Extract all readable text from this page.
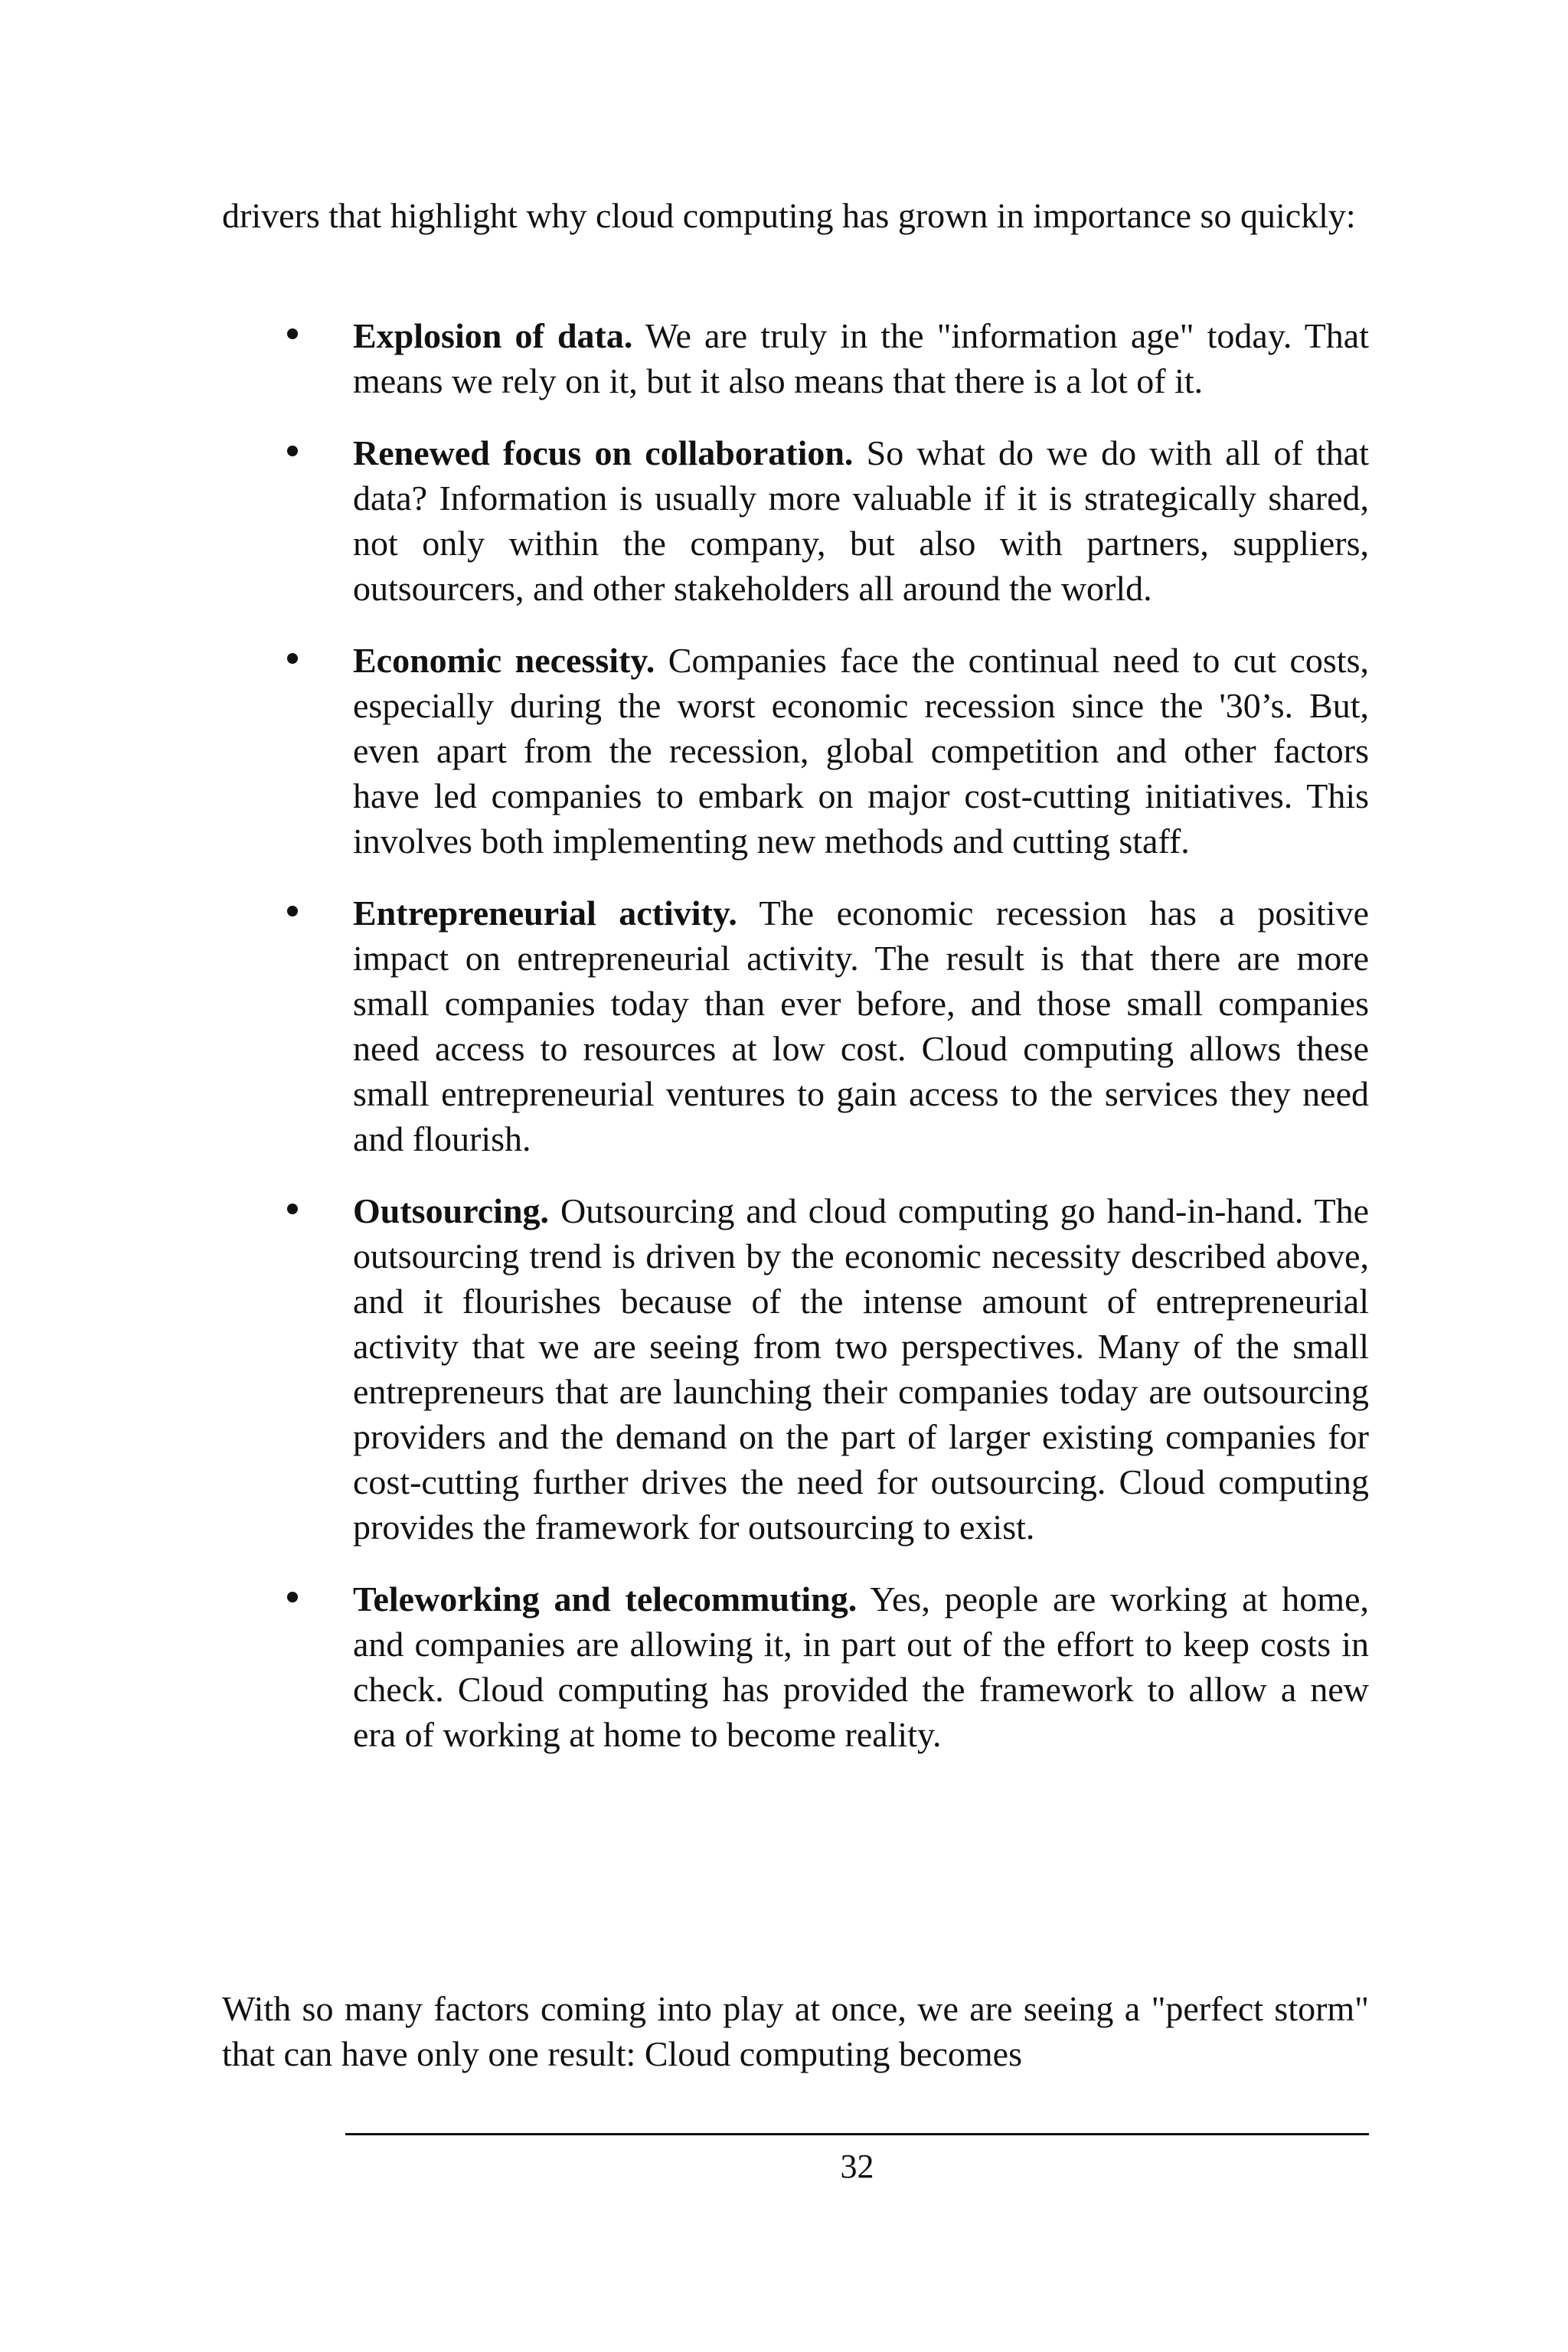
drivers that highlight why cloud computing has grown in importance so quickly:

Explosion of data. We are truly in the "information age" today. That means we rely on it, but it also means that there is a lot of it.
Renewed focus on collaboration. So what do we do with all of that data? Information is usually more valuable if it is strategically shared, not only within the company, but also with partners, suppliers, outsourcers, and other stakeholders all around the world.
Economic necessity. Companies face the continual need to cut costs, especially during the worst economic recession since the '30’s. But, even apart from the recession, global competition and other factors have led companies to embark on major cost-cutting initiatives. This involves both implementing new methods and cutting staff.
Entrepreneurial activity. The economic recession has a positive impact on entrepreneurial activity. The result is that there are more small companies today than ever before, and those small companies need access to resources at low cost. Cloud computing allows these small entrepreneurial ventures to gain access to the services they need and flourish.
Outsourcing. Outsourcing and cloud computing go hand-in-hand. The outsourcing trend is driven by the economic necessity described above, and it flourishes because of the intense amount of entrepreneurial activity that we are seeing from two perspectives. Many of the small entrepreneurs that are launching their companies today are outsourcing providers and the demand on the part of larger existing companies for cost-cutting further drives the need for outsourcing. Cloud computing provides the framework for outsourcing to exist.
Teleworking and telecommuting. Yes, people are working at home, and companies are allowing it, in part out of the effort to keep costs in check. Cloud computing has provided the framework to allow a new era of working at home to become reality.

With so many factors coming into play at once, we are seeing a "perfect storm" that can have only one result: Cloud computing becomes

32
